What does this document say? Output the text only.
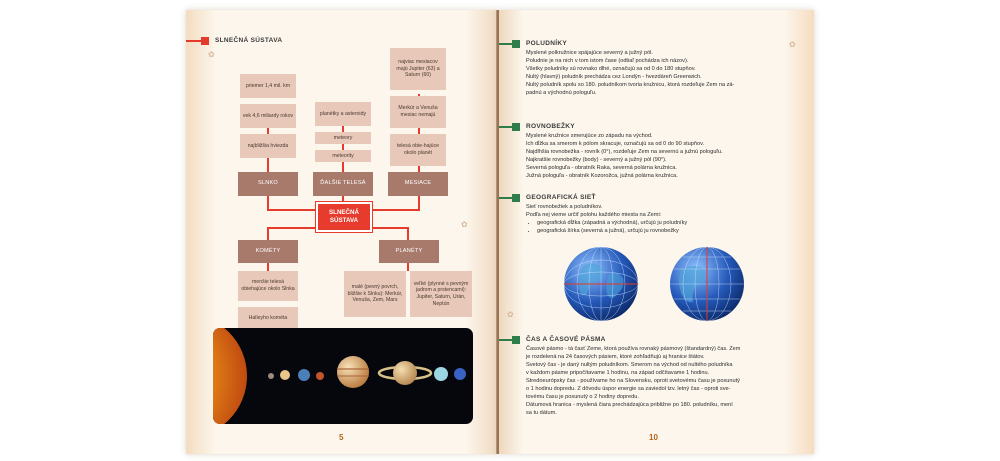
✿
✿
SLNEČNÁ SÚSTAVA
priemer 1,4 mil. km
vek 4,6 miliardy rokov
najbližšia hviezda
SLNKO
planétky a asteroidy
meteory
meteority
ĎALŠIE TELESÁ
najviac mesiacov majú Jupiter (63) a Saturn (60)
Merkúr a Venuša mesiac nemajú
telesá obie-hajúce okolo planét
MESIACE
SLNEČNÁ SÚSTAVA
KOMÉTY
menšie telesá obiehajúce okolo Slnka
Halleyho kométa
PLANÉTY
malé (pevný povrch, bližšie k Slnku): Merkúr, Venuša, Zem, Mars
veľké (plynné s pevným jadrom a prstencami): Jupiter, Saturn, Urán, Neptún
5
✿
✿
POLUDNÍKY
Myslené polkružnice spájajúce severný a južný pól.
Poludnie je na nich v tom istom čase (odtiaľ pochádza ich názov).
Všetky poludníky sú rovnako dlhé, označujú sa od 0 do 180 stupňov.
Nultý (hlavný) poludník prechádza cez Londýn - hvezdáreň Greenwich.
Nultý poludník spolu so 180. poludníkom tvoria kružnicu, ktorá rozdeľuje Zem na zá-
padnú a východnú pologuľu.
ROVNOBEŽKY
Myslené kružnice smerujúce zo západu na východ.
Ich dĺžka sa smerom k pólom skracuje, označujú sa od 0 do 90 stupňov.
Najdlhšia rovnobežka - rovník (0°), rozdeľuje Zem na severnú a južnú pologuľu.
Najkratšie rovnobežky (body) - severný a južný pól (90°).
Severná pologuľa - obratník Raka, severná polárna kružnica.
Južná pologuľa - obratník Kozorožca, južná polárna kružnica.
GEOGRAFICKÁ SIEŤ
Sieť rovnobežiek a poludníkov.
Podľa nej vieme určiť polohu každého miesta na Zemi:
• geografická dĺžka (západná a východná), určujú ju poludníky
• geografická šírka (severná a južná), určujú ju rovnobežky
ČAS A ČASOVÉ PÁSMA
Časové pásmo - tá časť Zeme, ktorá používa rovnaký pásmový (štandardný) čas. Zem
je rozdelená na 24 časových pásiem, ktoré zohľadňujú aj hranice štátov.
Svetový čas - je daný nultým poludníkom. Smerom na východ od nultého poludníka
v každom pásme pripočítavame 1 hodinu, na západ odčítavame 1 hodinu.
Stredoeurópsky čas - používame ho na Slovensku, oproti svetovému času je posunutý
o 1 hodinu dopredu. Z dôvodu úspor energie sa zaviedol tzv. letný čas - oproti sve-
tovému času je posunutý o 2 hodiny dopredu.
Dátumová hranica - myslená čiara prechádzajúca približne po 180. poludníku, mení
sa tu dátum.
10
